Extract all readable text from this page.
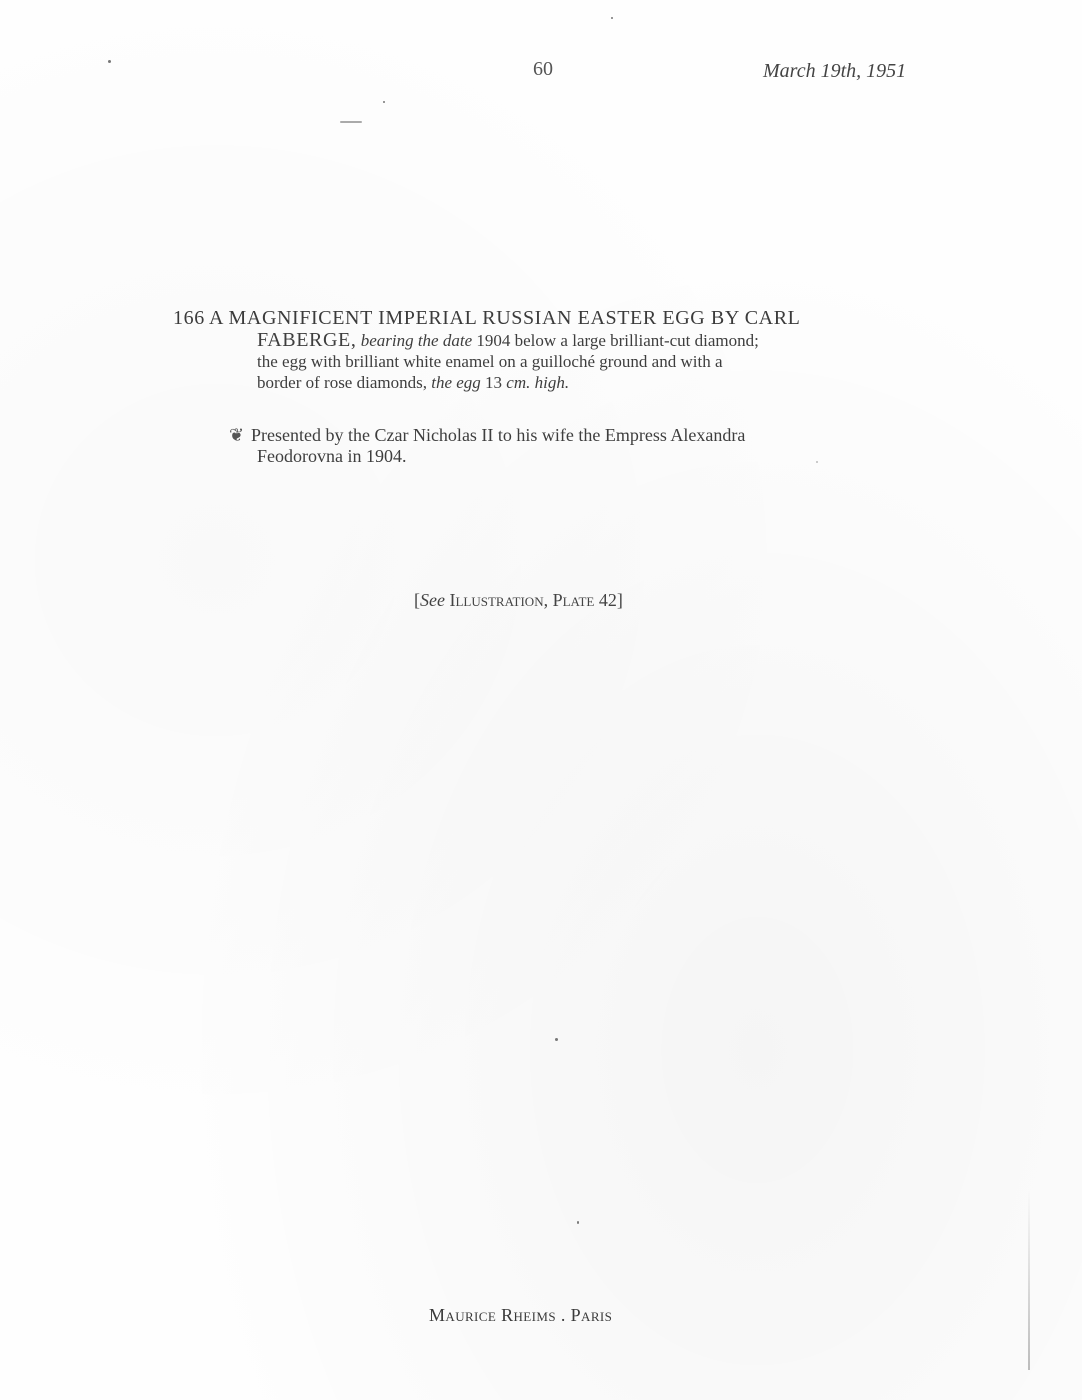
60	March 19th, 1951
166 A MAGNIFICENT IMPERIAL RUSSIAN EASTER EGG BY CARL
FABERGE, bearing the date 1904 below a large brilliant-cut diamond;
the egg with brilliant white enamel on a guilloché ground and with a
border of rose diamonds, the egg 13 cm. high.
❦ Presented by the Czar Nicholas II to his wife the Empress Alexandra
Feodorovna in 1904.
[See Illustration, Plate 42]
Maurice Rheims . Paris
